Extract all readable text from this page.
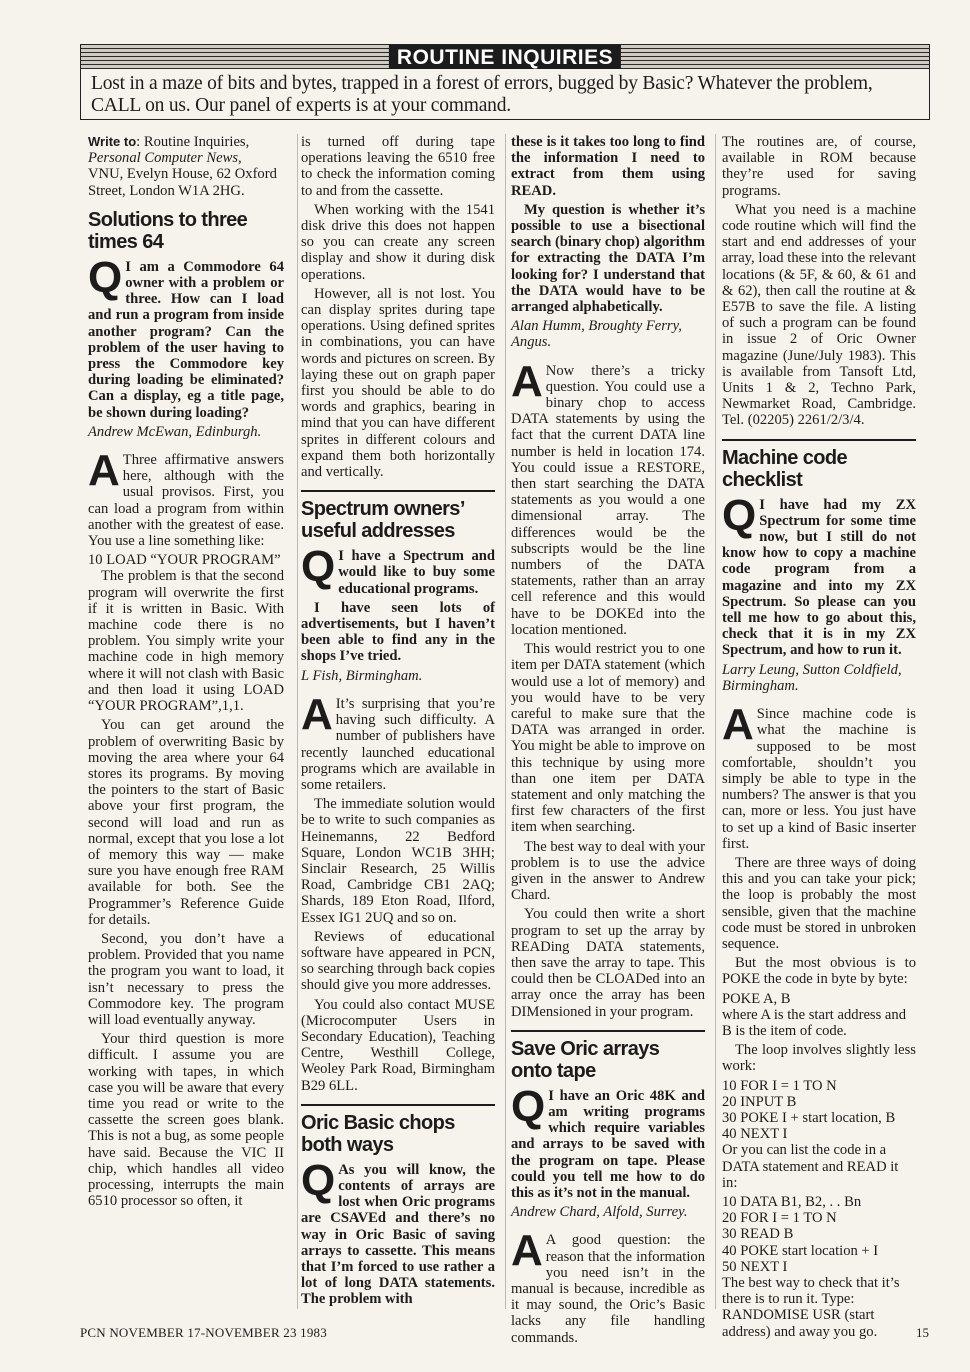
ROUTINE INQUIRIES
Lost in a maze of bits and bytes, trapped in a forest of errors, bugged by Basic? Whatever the problem, CALL on us. Our panel of experts is at your command.

Write to: Routine Inquiries,
Personal Computer News,
VNU, Evelyn House, 62 Oxford Street, London W1A 2HG.

Solutions to three times 64

Q I am a Commodore 64 owner with a problem or three. How can I load and run a program from inside another program? Can the problem of the user having to press the Commodore key during loading be eliminated? Can a display, eg a title page, be shown during loading?

Andrew McEwan, Edinburgh.

A Three affirmative answers here, although with the usual provisos. First, you can load a program from within another with the greatest of ease. You use a line something like:

10 LOAD “YOUR PROGRAM”

The problem is that the second program will overwrite the first if it is written in Basic. With machine code there is no problem. You simply write your machine code in high memory where it will not clash with Basic and then load it using LOAD “YOUR PROGRAM”,1,1.

You can get around the problem of overwriting Basic by moving the area where your 64 stores its programs. By moving the pointers to the start of Basic above your first program, the second will load and run as normal, except that you lose a lot of memory this way — make sure you have enough free RAM available for both. See the Programmer’s Reference Guide for details.

Second, you don’t have a problem. Provided that you name the program you want to load, it isn’t necessary to press the Commodore key. The program will load eventually anyway.

Your third question is more difficult. I assume you are working with tapes, in which case you will be aware that every time you read or write to the cassette the screen goes blank. This is not a bug, as some people have said. Because the VIC II chip, which handles all video processing, interrupts the main 6510 processor so often, it

is turned off during tape operations leaving the 6510 free to check the information coming to and from the cassette.

When working with the 1541 disk drive this does not happen so you can create any screen display and show it during disk operations.

However, all is not lost. You can display sprites during tape operations. Using defined sprites in combinations, you can have words and pictures on screen. By laying these out on graph paper first you should be able to do words and graphics, bearing in mind that you can have different sprites in different colours and expand them both horizontally and vertically.

Spectrum owners’ useful addresses

Q I have a Spectrum and would like to buy some educational programs.

I have seen lots of advertisements, but I haven’t been able to find any in the shops I’ve tried.

L Fish, Birmingham.

A It’s surprising that you’re having such difficulty. A number of publishers have recently launched educational programs which are available in some retailers.

The immediate solution would be to write to such companies as Heinemanns, 22 Bedford Square, London WC1B 3HH; Sinclair Research, 25 Willis Road, Cambridge CB1 2AQ; Shards, 189 Eton Road, Ilford, Essex IG1 2UQ and so on.

Reviews of educational software have appeared in PCN, so searching through back copies should give you more addresses.

You could also contact MUSE (Microcomputer Users in Secondary Education), Teaching Centre, Westhill College, Weoley Park Road, Birmingham B29 6LL.

Oric Basic chops both ways

Q As you will know, the contents of arrays are lost when Oric programs are CSAVEd and there’s no way in Oric Basic of saving arrays to cassette. This means that I’m forced to use rather a lot of long DATA statements. The problem with

these is it takes too long to find the information I need to extract from them using READ.

My question is whether it’s possible to use a bisectional search (binary chop) algorithm for extracting the DATA I’m looking for? I understand that the DATA would have to be arranged alphabetically.

Alan Humm, Broughty Ferry, Angus.

A Now there’s a tricky question. You could use a binary chop to access DATA statements by using the fact that the current DATA line number is held in location 174. You could issue a RESTORE, then start searching the DATA statements as you would a one dimensional array. The differences would be the subscripts would be the line numbers of the DATA statements, rather than an array cell reference and this would have to be DOKEd into the location mentioned.

This would restrict you to one item per DATA statement (which would use a lot of memory) and you would have to be very careful to make sure that the DATA was arranged in order. You might be able to improve on this technique by using more than one item per DATA statement and only matching the first few characters of the first item when searching.

The best way to deal with your problem is to use the advice given in the answer to Andrew Chard.

You could then write a short program to set up the array by READing DATA statements, then save the array to tape. This could then be CLOADed into an array once the array has been DIMensioned in your program.

Save Oric arrays onto tape

Q I have an Oric 48K and am writing programs which require variables and arrays to be saved with the program on tape. Please could you tell me how to do this as it’s not in the manual.

Andrew Chard, Alfold, Surrey.

A A good question: the reason that the information you need isn’t in the manual is because, incredible as it may sound, the Oric’s Basic lacks any file handling commands.

The routines are, of course, available in ROM because they’re used for saving programs.

What you need is a machine code routine which will find the start and end addresses of your array, load these into the relevant locations (& 5F, & 60, & 61 and & 62), then call the routine at & E57B to save the file. A listing of such a program can be found in issue 2 of Oric Owner magazine (June/July 1983). This is available from Tansoft Ltd, Units 1 & 2, Techno Park, Newmarket Road, Cambridge. Tel. (02205) 2261/2/3/4.

Machine code checklist

Q I have had my ZX Spectrum for some time now, but I still do not know how to copy a machine code program from a magazine and into my ZX Spectrum. So please can you tell me how to go about this, check that it is in my ZX Spectrum, and how to run it.

Larry Leung, Sutton Coldfield, Birmingham.

A Since machine code is what the machine is supposed to be most comfortable, shouldn’t you simply be able to type in the numbers? The answer is that you can, more or less. You just have to set up a kind of Basic inserter first.

There are three ways of doing this and you can take your pick; the loop is probably the most sensible, given that the machine code must be stored in unbroken sequence.

But the most obvious is to POKE the code in byte by byte:

POKE A, B

where A is the start address and B is the item of code.

The loop involves slightly less work:

10 FOR I = 1 TO N

20 INPUT B

30 POKE I + start location, B

40 NEXT I

Or you can list the code in a DATA statement and READ it in:

10 DATA B1, B2, . . Bn

20 FOR I = 1 TO N

30 READ B

40 POKE start location + I

50 NEXT I

The best way to check that it’s there is to run it. Type: RANDOMISE USR (start address) and away you go.

PCN NOVEMBER 17-NOVEMBER 23 1983	15
